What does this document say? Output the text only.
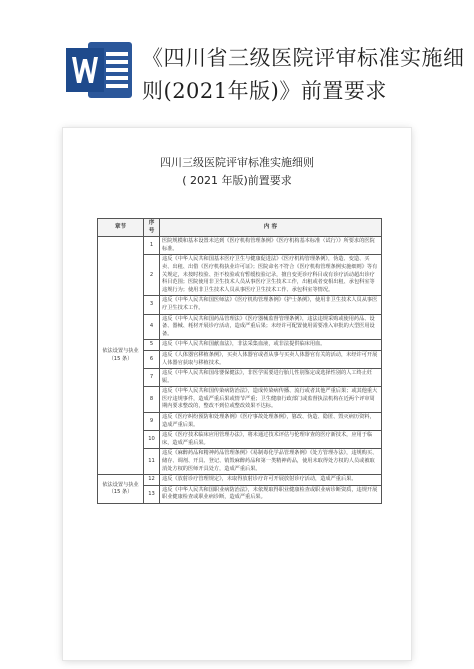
《四川省三级医院评审标准实施细则(2021年版)》前置要求
四川三级医院评审标准实施细则
( 2021 年版)前置要求
章节	序号	内 容
依法设置与执业（15 条）	1	医院规模和基本设置未达到《医疗机构管理条例》《医疗机构基本标准（试行）》所要求的医院标准。
	2	违反《中华人民共和国基本医疗卫生与健康促进法》《医疗机构管理条例》，伪造、变造、买卖、出租、出借《医疗机构执业许可证》；医院命名不符合《医疗机构管理条例实施细则》等有关规定，未按时校验、拒不校验或有暂缓校验记录，擅自变更诊疗科目或有诊疗活动超出诊疗科目范围；医院使用非卫生技术人员从事医疗卫生技术工作，出租或者变相出租、承包科室等违规行为；使用非卫生技术人员从事医疗卫生技术工作、承包科室等情况。
	3	违反《中华人民共和国医师法》《医疗机构管理条例》《护士条例》，使用非卫生技术人员从事医疗卫生技术工作。
	4	违反《中华人民共和国药品管理法》《医疗器械监督管理条例》，违法违规采购或使用药品、设备、器械、耗材开展诊疗活动，造成严重后果；未经许可配置使用需要准入审批的大型医用设备。
	5	违反《中华人民共和国献血法》，非法采集血液，或非法提供临床用血。
	6	违反《人体器官移植条例》，买卖人体器官或者从事与买卖人体器官有关的活动，未经许可开展人体器官获取与移植技术。
	7	违反《中华人民共和国母婴保健法》，非医学需要进行胎儿性别鉴定或选择性别的人工终止妊娠。
	8	违反《中华人民共和国传染病防治法》，造成传染病传播、流行或者其他严重后果；或其他重大医疗违规事件，造成严重后果或情节严重；卫生健康行政部门或监督执法机构在近两个评审周期内要求整改的，整改不到位或整改效果不达标。
	9	违反《医疗纠纷预防和处理条例》《医疗事故处理条例》，篡改、伪造、隐匿、毁灭病历资料，造成严重后果。
	10	违反《医疗技术临床应用管理办法》，将未通过技术评估与伦理审查的医疗新技术，应用于临床，造成严重后果。
	11	违反《麻醉药品和精神药品管理条例》《易制毒化学品管理条例》《处方管理办法》，违规购买、储存、调剂、开具、登记、销毁麻醉药品和第一类精神药品，使用未取得处方权的人员或被取消处方权的医师开具处方，造成严重后果。
依法设置与执业（15 条）	12	违反《放射诊疗管理规定》，未取得放射诊疗许可开展放射诊疗活动，造成严重后果。
	13	违反《中华人民共和国职业病防治法》，未依规取得职业健康检查或职业病诊断资质，违规开展职业健康检查或职业病诊断，造成严重后果。
